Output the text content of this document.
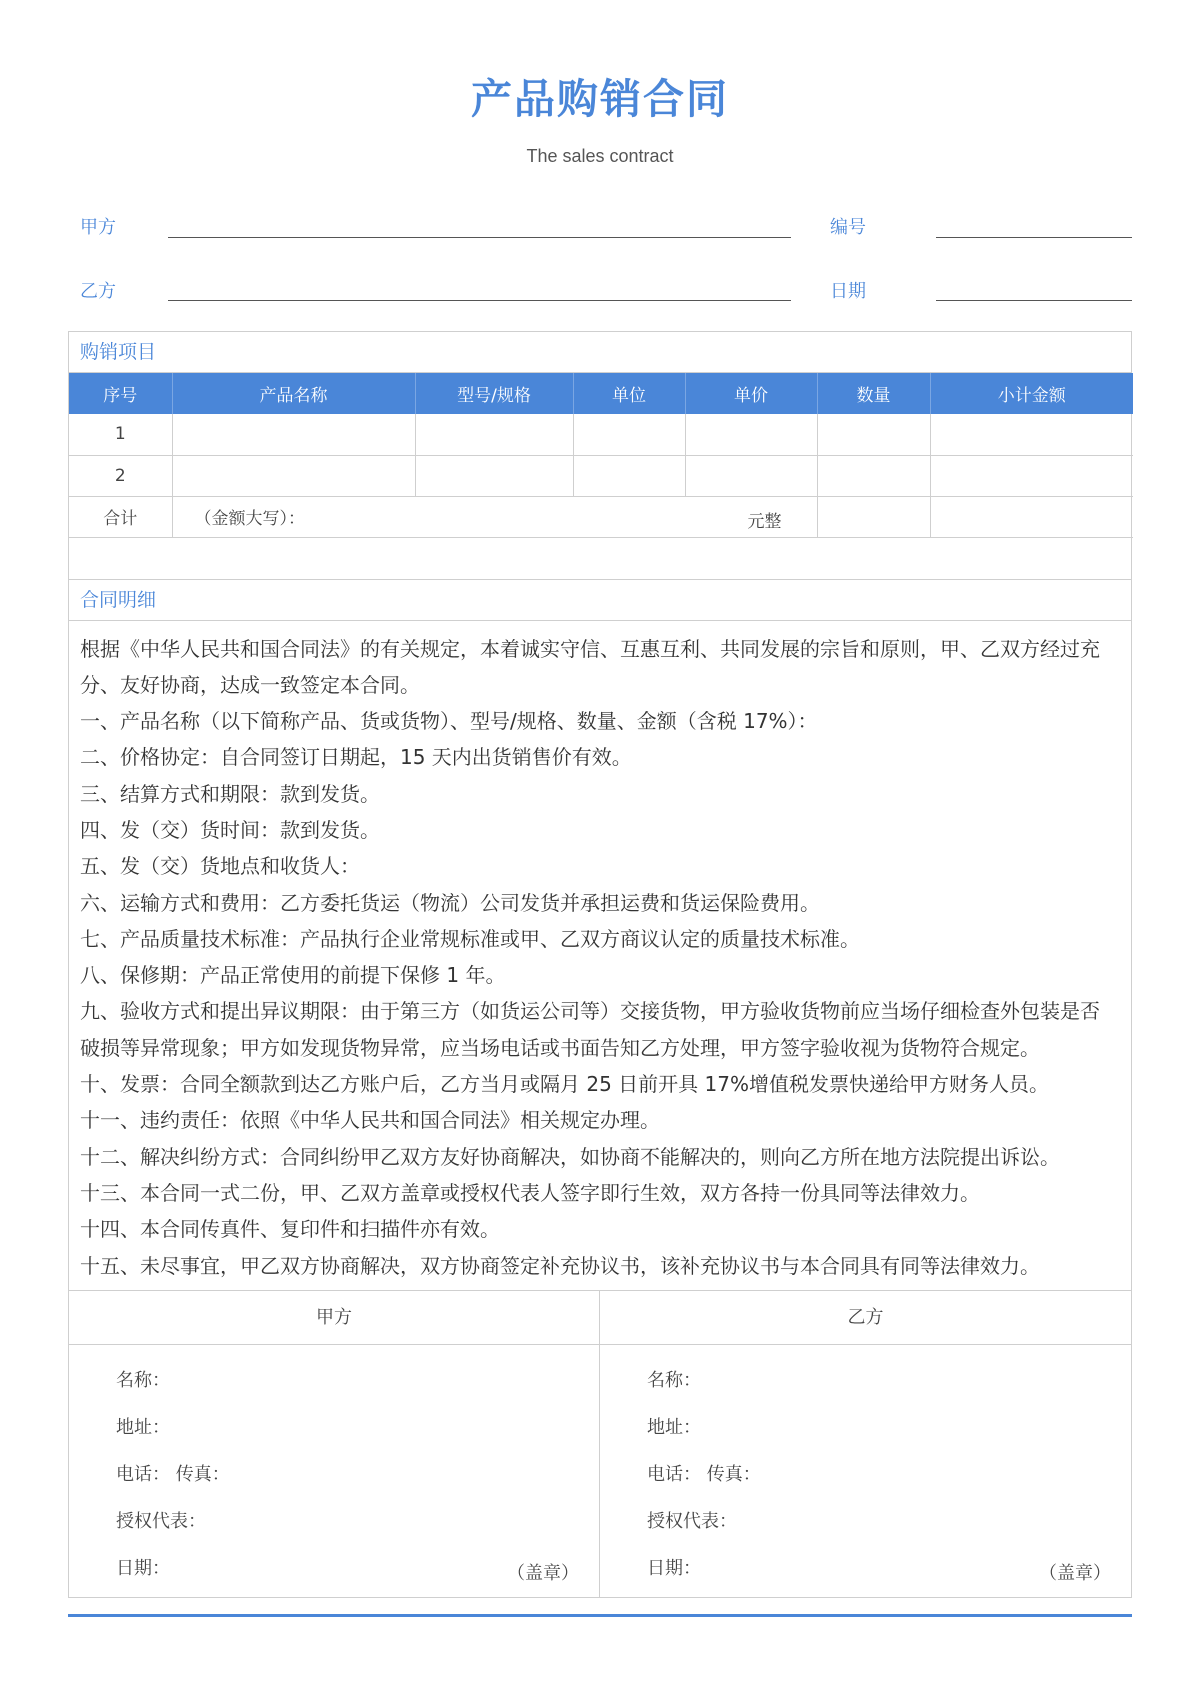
产品购销合同
The sales contract
甲方	编号
乙方	日期
购销项目
序号	产品名称	型号/规格	单位	单价	数量	小计金额
1						
2						
合计	（金额大写）： 元整					

合同明细

根据《中华人民共和国合同法》的有关规定，本着诚实守信、互惠互利、共同发展的宗旨和原则，甲、乙双方经过充分、友好协商，达成一致签定本合同。

一、产品名称（以下简称产品、货或货物）、型号/规格、数量、金额（含税 17%）：

二、价格协定：自合同签订日期起，15 天内出货销售价有效。

三、结算方式和期限：款到发货。

四、发（交）货时间：款到发货。

五、发（交）货地点和收货人：

六、运输方式和费用：乙方委托货运（物流）公司发货并承担运费和货运保险费用。

七、产品质量技术标准：产品执行企业常规标准或甲、乙双方商议认定的质量技术标准。

八、保修期：产品正常使用的前提下保修 1 年。

九、验收方式和提出异议期限：由于第三方（如货运公司等）交接货物，甲方验收货物前应当场仔细检查外包装是否破损等异常现象；甲方如发现货物异常，应当场电话或书面告知乙方处理，甲方签字验收视为货物符合规定。

十、发票：合同全额款到达乙方账户后，乙方当月或隔月 25 日前开具 17%增值税发票快递给甲方财务人员。

十一、违约责任：依照《中华人民共和国合同法》相关规定办理。

十二、解决纠纷方式：合同纠纷甲乙双方友好协商解决，如协商不能解决的，则向乙方所在地方法院提出诉讼。

十三、本合同一式二份，甲、乙双方盖章或授权代表人签字即行生效，双方各持一份具同等法律效力。

十四、本合同传真件、复印件和扫描件亦有效。

十五、未尽事宜，甲乙双方协商解决，双方协商签定补充协议书，该补充协议书与本合同具有同等法律效力。

甲方
名称：
地址：
电话： 传真：
授权代表：
日期：	（盖章）
乙方
名称：
地址：
电话： 传真：
授权代表：
日期：	（盖章）
